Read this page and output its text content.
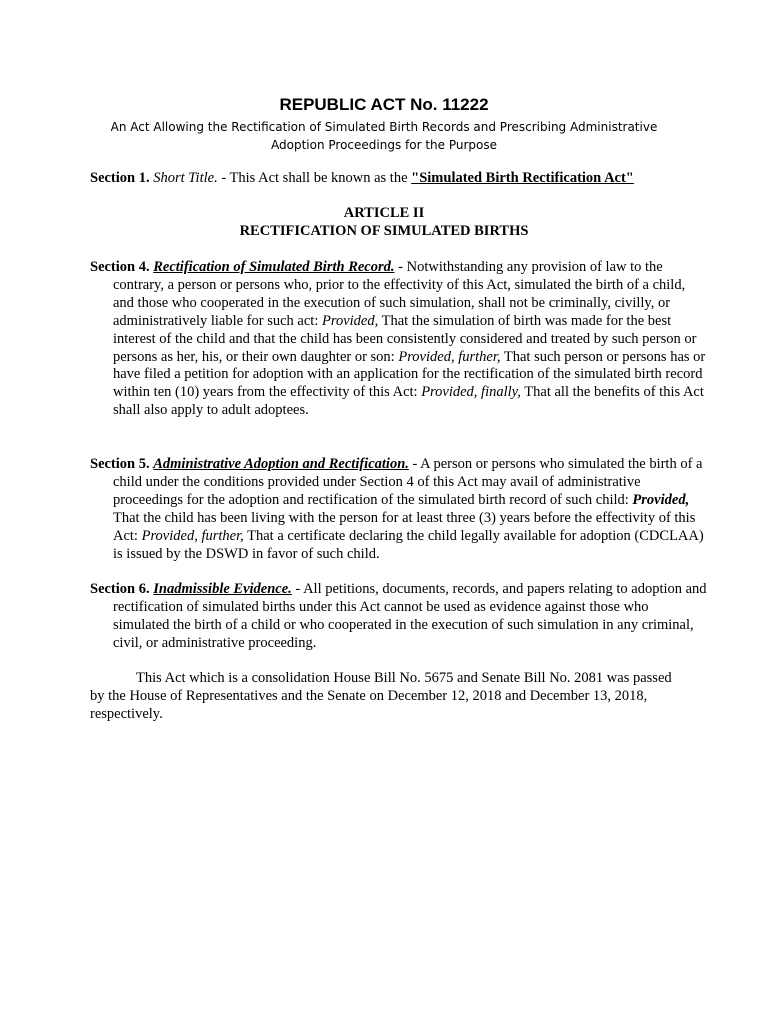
REPUBLIC ACT No. 11222

An Act Allowing the Rectification of Simulated Birth Records and Prescribing Administrative Adoption Proceedings for the Purpose

Section 1. Short Title. - This Act shall be known as the "Simulated Birth Rectification Act"

ARTICLE II

RECTIFICATION OF SIMULATED BIRTHS

Section 4. Rectification of Simulated Birth Record. - Notwithstanding any provision of law to the contrary, a person or persons who, prior to the effectivity of this Act, simulated the birth of a child, and those who cooperated in the execution of such simulation, shall not be criminally, civilly, or administratively liable for such act: Provided, That the simulation of birth was made for the best interest of the child and that the child has been consistently considered and treated by such person or persons as her, his, or their own daughter or son: Provided, further, That such person or persons has or have filed a petition for adoption with an application for the rectification of the simulated birth record within ten (10) years from the effectivity of this Act: Provided, finally, That all the benefits of this Act shall also apply to adult adoptees.

Section 5. Administrative Adoption and Rectification. - A person or persons who simulated the birth of a child under the conditions provided under Section 4 of this Act may avail of administrative proceedings for the adoption and rectification of the simulated birth record of such child: Provided, That the child has been living with the person for at least three (3) years before the effectivity of this Act: Provided, further, That a certificate declaring the child legally available for adoption (CDCLAA) is issued by the DSWD in favor of such child.

Section 6. Inadmissible Evidence. - All petitions, documents, records, and papers relating to adoption and rectification of simulated births under this Act cannot be used as evidence against those who simulated the birth of a child or who cooperated in the execution of such simulation in any criminal, civil, or administrative proceeding.

This Act which is a consolidation House Bill No. 5675 and Senate Bill No. 2081 was passed by the House of Representatives and the Senate on December 12, 2018 and December 13, 2018, respectively.
